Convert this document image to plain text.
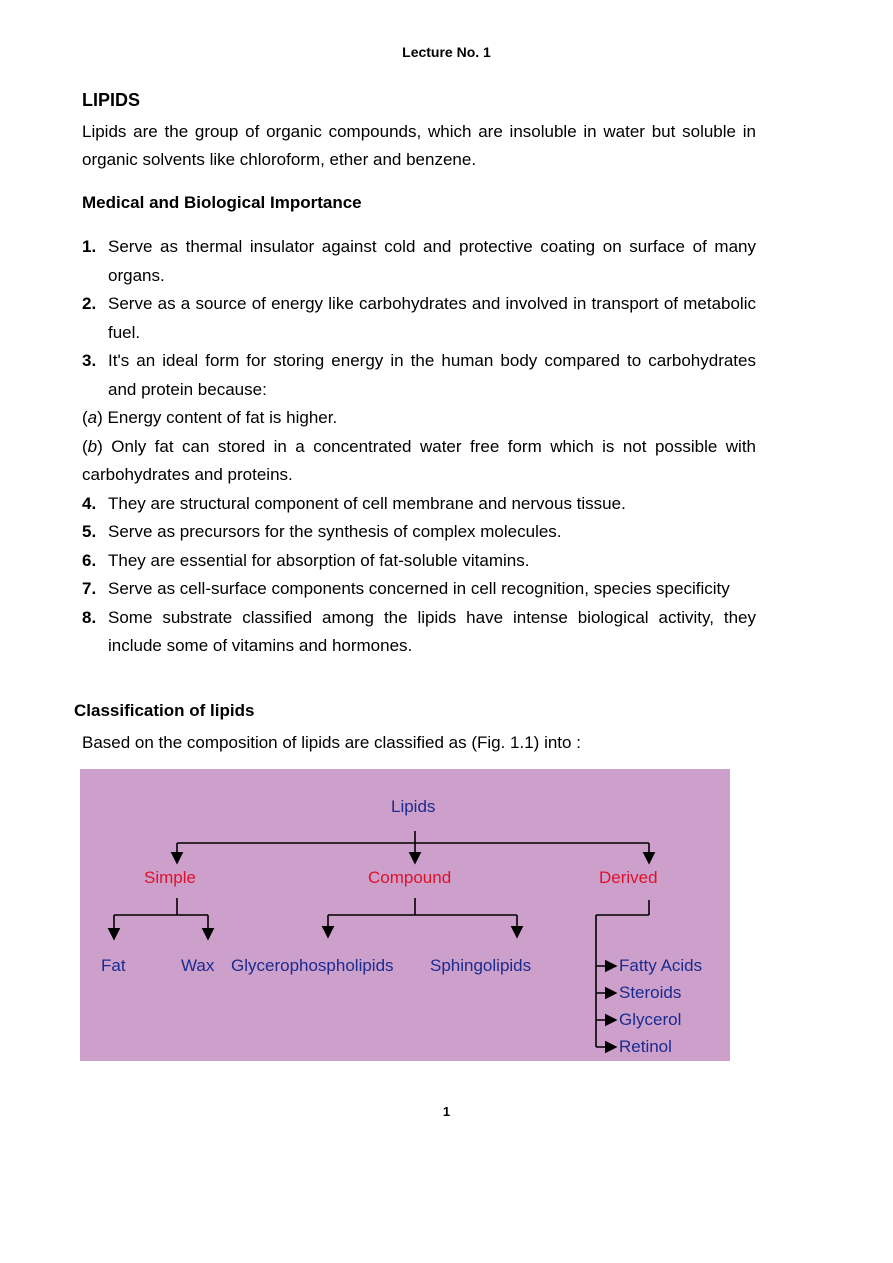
Lecture No. 1
LIPIDS
Lipids are the group of organic compounds, which are insoluble in water but soluble in organic solvents like chloroform, ether and benzene.
Medical and Biological Importance
1. Serve as thermal insulator against cold and protective coating on surface of many organs.
2. Serve as a source of energy like carbohydrates and involved in transport of metabolic fuel.
3. It's an ideal form for storing energy in the human body compared to carbohydrates and protein because:
(a) Energy content of fat is higher.
(b) Only fat can stored in a concentrated water free form which is not possible with carbohydrates and proteins.
4. They are structural component of cell membrane and nervous tissue.
5. Serve as precursors for the synthesis of complex molecules.
6. They are essential for absorption of fat-soluble vitamins.
7. Serve as cell-surface components concerned in cell recognition, species specificity
8. Some substrate classified among the lipids have intense biological activity, they include some of vitamins and hormones.
Classification of lipids
Based on the composition of lipids are classified as (Fig. 1.1) into :
Lipids
Simple	Compound	Derived
Fat	Wax Glycerophospholipids Sphingolipids	Fatty Acids
Steroids
Glycerol
Retinol
1
